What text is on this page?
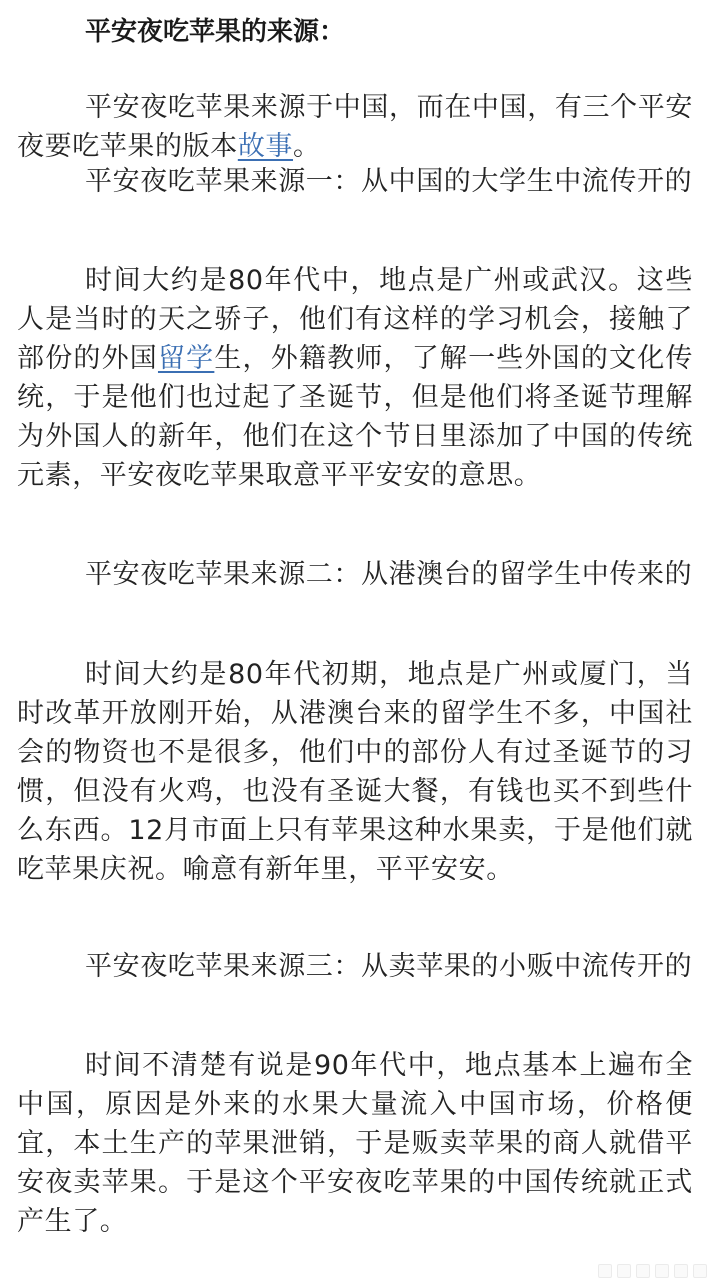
平安夜吃苹果的来源：

平安夜吃苹果来源于中国，而在中国，有三个平安夜要吃苹果的版本故事。

平安夜吃苹果来源一：从中国的大学生中流传开的

时间大约是80年代中，地点是广州或武汉。这些人是当时的天之骄子，他们有这样的学习机会，接触了部份的外国留学生，外籍教师，了解一些外国的文化传统，于是他们也过起了圣诞节，但是他们将圣诞节理解为外国人的新年，他们在这个节日里添加了中国的传统元素，平安夜吃苹果取意平平安安的意思。

平安夜吃苹果来源二：从港澳台的留学生中传来的

时间大约是80年代初期，地点是广州或厦门，当时改革开放刚开始，从港澳台来的留学生不多，中国社会的物资也不是很多，他们中的部份人有过圣诞节的习惯，但没有火鸡，也没有圣诞大餐，有钱也买不到些什么东西。12月市面上只有苹果这种水果卖，于是他们就吃苹果庆祝。喻意有新年里，平平安安。

平安夜吃苹果来源三：从卖苹果的小贩中流传开的

时间不清楚有说是90年代中，地点基本上遍布全中国，原因是外来的水果大量流入中国市场，价格便宜，本土生产的苹果泄销，于是贩卖苹果的商人就借平安夜卖苹果。于是这个平安夜吃苹果的中国传统就正式产生了。
